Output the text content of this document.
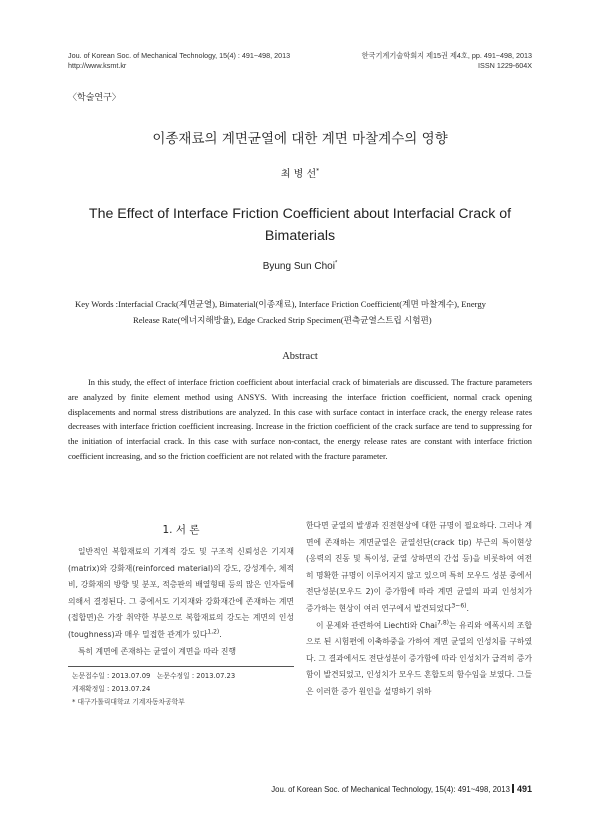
Jou. of Korean Soc. of Mechanical Technology, 15(4) : 491~498, 2013
http://www.ksmt.kr
한국기계기술학회지 제15권 제4호, pp. 491~498, 2013
ISSN 1229-604X
〈학술연구〉
이종재료의 계면균열에 대한 계면 마찰계수의 영향
최 병 선*
The Effect of Interface Friction Coefficient about Interfacial Crack of Bimaterials
Byung Sun Choi*
Key Words :Interfacial Crack(계면균열), Bimaterial(이종재료), Interface Friction Coefficient(계면 마찰계수), Energy
Release Rate(에너지해방율), Edge Cracked Strip Specimen(편측균열스트립 시험편)
Abstract
In this study, the effect of interface friction coefficient about interfacial crack of bimaterials are discussed. The fracture parameters are analyzed by finite element method using ANSYS. With increasing the interface friction coefficient, normal crack opening displacements and normal stress distributions are analyzed. In this case with surface contact in interface crack, the energy release rates decreases with interface friction coefficient increasing. Increase in the friction coefficient of the crack surface are tend to suppressing for the initiation of interfacial crack. In this case with surface non-contact, the energy release rates are constant with interface friction coefficient increasing, and so the friction coefficient are not related with the fracture parameter.
1. 서 론

일반적인 복합재료의 기계적 강도 및 구조적 신뢰성은 기지재(matrix)와 강화재(reinforced material)의 강도, 강성계수, 체적 비, 강화재의 방향 및 분포, 적층판의 배열형태 등의 많은 인자들에 의해서 결정된다. 그 중에서도 기지재와 강화재간에 존재하는 계면(접합면)은 가장 취약한 부분으로 복합재료의 강도는 계면의 인성(toughness)과 매우 밀접한 관계가 있다$^{1,2)}$.

특히 계면에 존재하는 균열이 계면을 따라 진행

논문접수일 : 2013.07.09 논문수정일 : 2013.07.23
게재확정일 : 2013.07.24
* 대구가톨릭대학교 기계자동차공학부

한다면 균열의 발생과 진전현상에 대한 규명이 필요하다. 그러나 계면에 존재하는 계면균열은 균열선단(crack tip) 부근의 특이현상(응력의 진동 및 특이성, 균열 상하면의 간섭 등)을 비롯하여 여전히 명확한 규명이 이루어지지 않고 있으며 특히 모우드 성분 중에서 전단성분(모우드 2)이 증가함에 따라 계면 균열의 파괴 인성치가 증가하는 현상이 여러 연구에서 발견되었다$^{3\sim 6)}$.

이 문제와 관련하여 Liechti와 Chai$^{7,8)}$는 유리와 에폭시의 조합으로 된 시험편에 이축하중을 가하여 계면 균열의 인성치를 구하였다. 그 결과에서도 전단성분이 증가함에 따라 인성치가 급격히 증가함이 발견되었고, 인성치가 모우드 혼합도의 함수임을 보였다. 그들은 이러한 증가 원인을 설명하기 위하

Jou. of Korean Soc. of Mechanical Technology, 15(4): 491~498, 2013 491
